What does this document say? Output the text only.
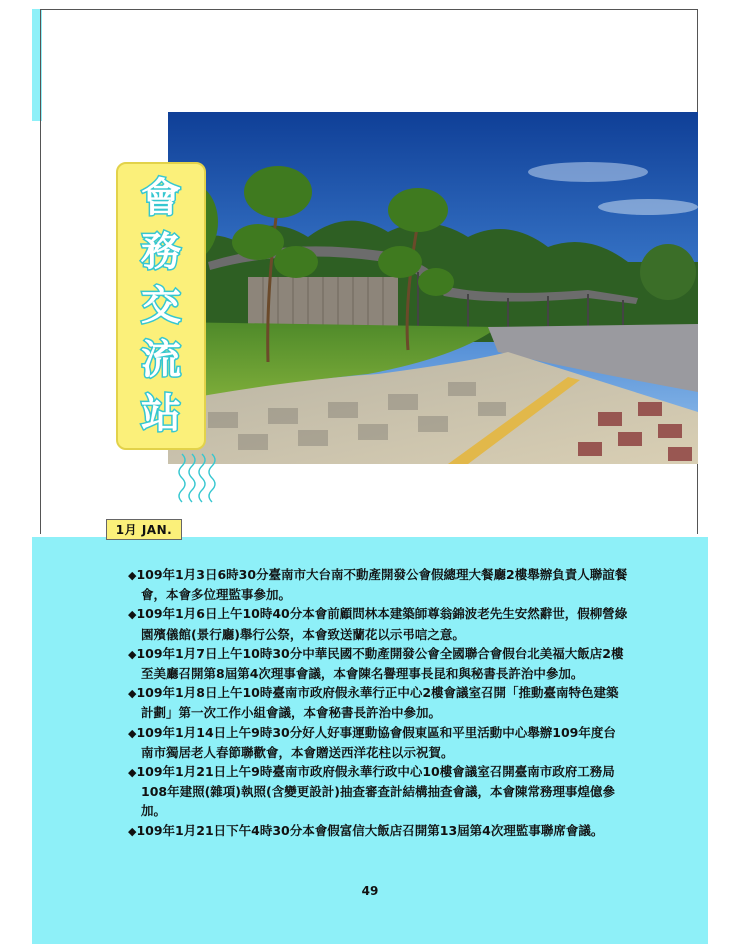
會
務
交
流
站
1月 JAN.
◆ 109年1月3日6時30分臺南市大台南不動產開發公會假總理大餐廳2樓舉辦負責人聯誼餐會，本會多位理監事參加。
◆ 109年1月6日上午10時40分本會前顧問林本建築師尊翁錦波老先生安然辭世，假柳營綠園殯儀館(景行廳)舉行公祭，本會致送蘭花以示弔唁之意。
◆ 109年1月7日上午10時30分中華民國不動產開發公會全國聯合會假台北美福大飯店2樓至美廳召開第8屆第4次理事會議，本會陳名譽理事長昆和與秘書長許治中參加。
◆ 109年1月8日上午10時臺南市政府假永華行正中心2樓會議室召開「推動臺南特色建築計劃」第一次工作小組會議，本會秘書長許治中參加。
◆ 109年1月14日上午9時30分好人好事運動協會假東區和平里活動中心舉辦109年度台南市獨居老人春節聯歡會，本會贈送西洋花柱以示祝賀。
◆ 109年1月21日上午9時臺南市政府假永華行政中心10樓會議室召開臺南市政府工務局108年建照(雜項)執照(含變更設計)抽查審查計結構抽查會議，本會陳常務理事煌億參加。
◆ 109年1月21日下午4時30分本會假富信大飯店召開第13屆第4次理監事聯席會議。
49
